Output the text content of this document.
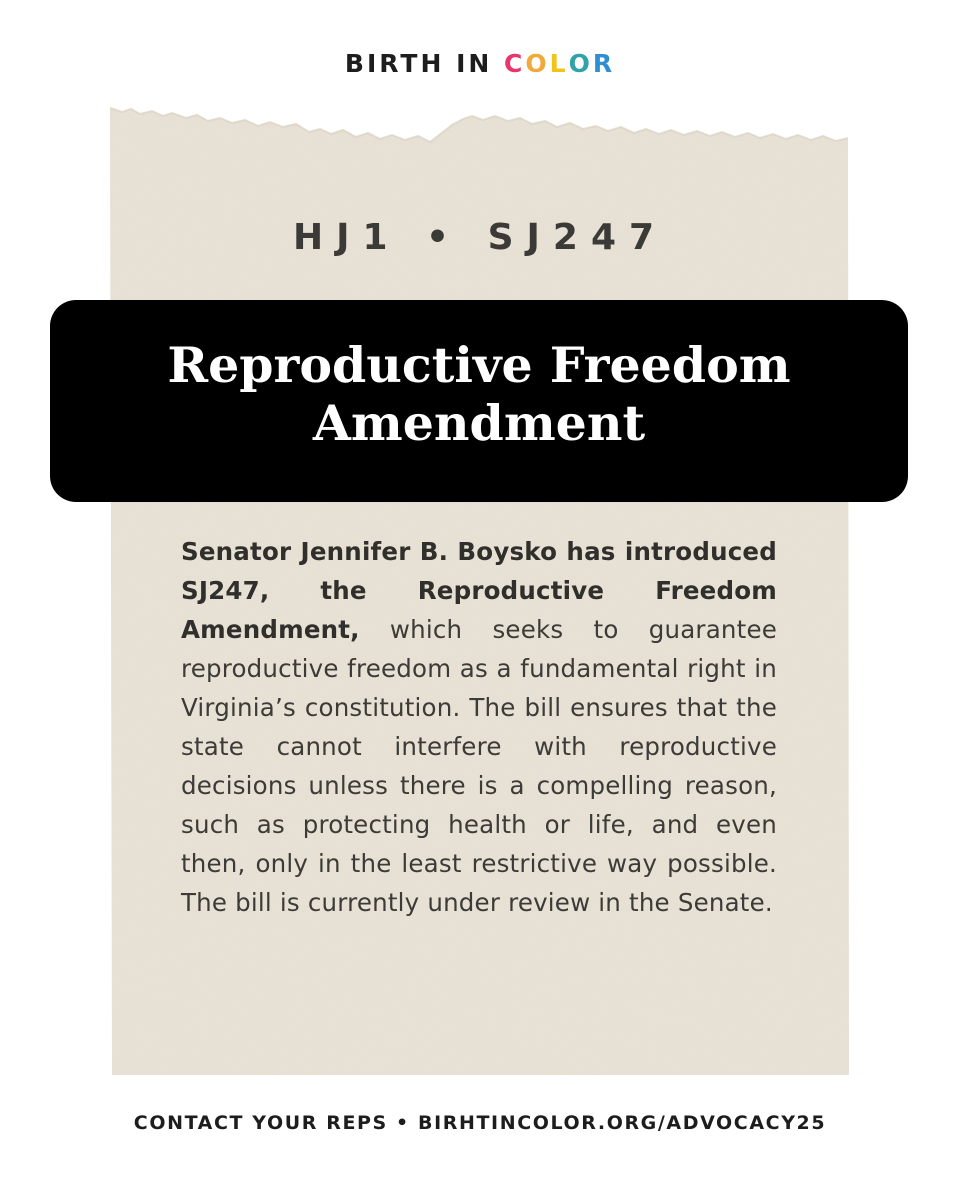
BIRTH IN COLOR
HJ1 • SJ247
Reproductive Freedom
Amendment
Senator Jennifer B. Boysko has introduced SJ247, the Reproductive Freedom Amendment, which seeks to guarantee reproductive freedom as a fundamental right in Virginia’s constitution. The bill ensures that the state cannot interfere with reproductive decisions unless there is a compelling reason, such as protecting health or life, and even then, only in the least restrictive way possible. The bill is currently under review in the Senate.
CONTACT YOUR REPS • BIRHTINCOLOR.ORG/ADVOCACY25
